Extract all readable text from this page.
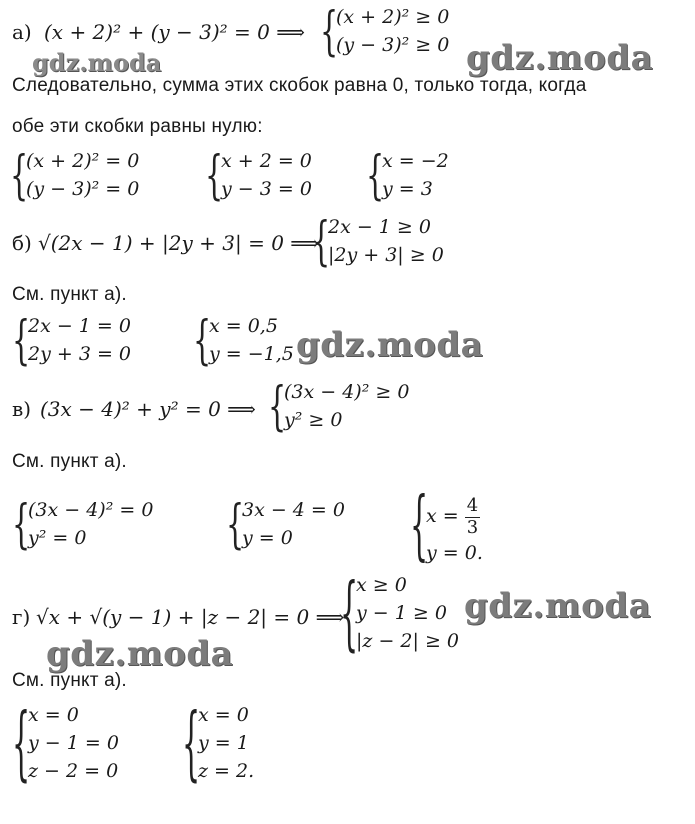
а) (x + 2)² + (y − 3)² = 0 ⟹ {
(x + 2)² ≥ 0
(y − 3)² ≥ 0
gdz.moda	gdz.moda
Следовательно, сумма этих скобок равна 0, только тогда, когда
обе эти скобки равны нулю:
{
(x + 2)² = 0
(y − 3)² = 0 {
x + 2 = 0
y − 3 = 0 {
x = −2
y = 3
б) √(2x − 1) + |2y + 3| = 0 ⟹
{
2x − 1 ≥ 0
|2y + 3| ≥ 0
См. пункт а).
{
2x − 1 = 0
2y + 3 = 0 {
x = 0,5
y = −1,5 gdz.moda
в) (3x − 4)² + y² = 0 ⟹ {
(3x − 4)² ≥ 0
y² ≥ 0
См. пункт а).
{
(3x − 4)² = 0
y² = 0	{
3x − 4 = 0
y = 0 {
$x = \frac{4}{3}$
y = 0.
г) √x + √(y − 1) + |z − 2| = 0 ⟹
{
x ≥ 0
y − 1 ≥ 0
|z − 2| ≥ 0
gdz.moda
gdz.moda
См. пункт а).
{
x = 0
y − 1 = 0
z − 2 = 0 {
x = 0
y = 1
z = 2.
